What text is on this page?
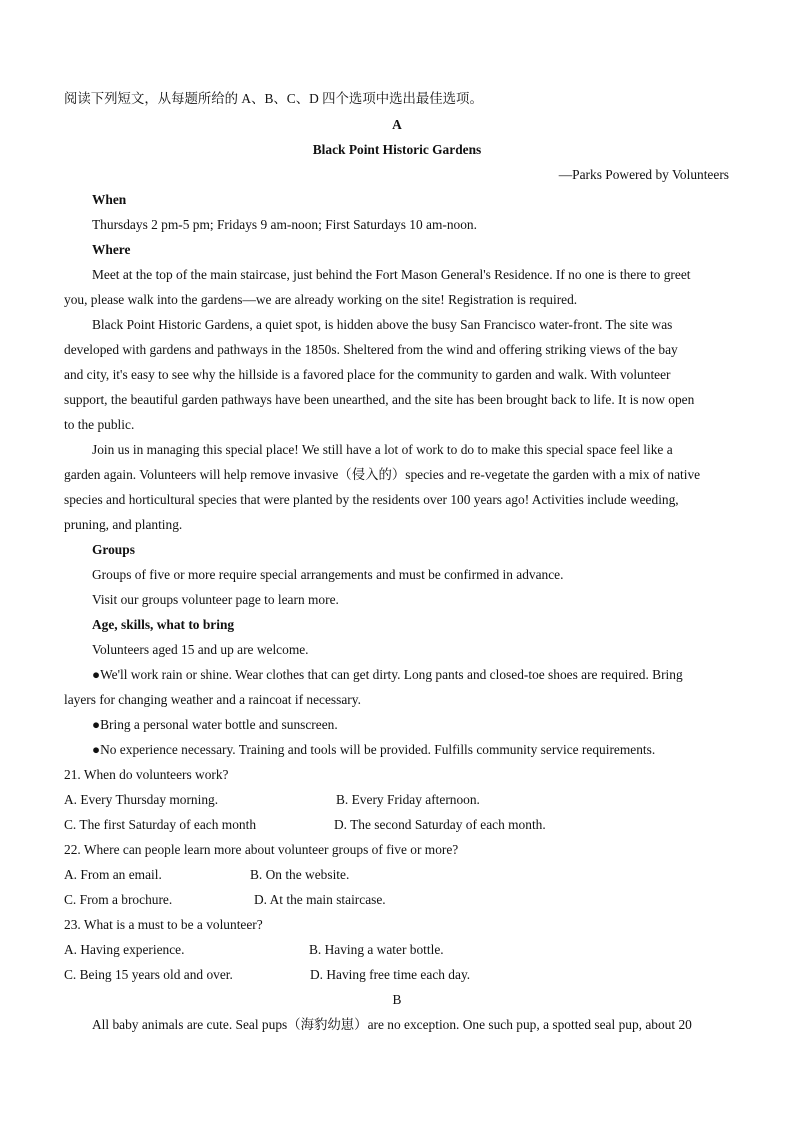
阅读下列短文，从每题所给的 A、B、C、D 四个选项中选出最佳选项。
A
Black Point Historic Gardens
—Parks Powered by Volunteers
When
Thursdays 2 pm-5 pm; Fridays 9 am-noon; First Saturdays 10 am-noon.
Where
Meet at the top of the main staircase, just behind the Fort Mason General's Residence. If no one is there to greet
you, please walk into the gardens—we are already working on the site! Registration is required.
Black Point Historic Gardens, a quiet spot, is hidden above the busy San Francisco water-front. The site was
developed with gardens and pathways in the 1850s. Sheltered from the wind and offering striking views of the bay
and city, it's easy to see why the hillside is a favored place for the community to garden and walk. With volunteer
support, the beautiful garden pathways have been unearthed, and the site has been brought back to life. It is now open
to the public.
Join us in managing this special place! We still have a lot of work to do to make this special space feel like a
garden again. Volunteers will help remove invasive（侵入的）species and re-vegetate the garden with a mix of native
species and horticultural species that were planted by the residents over 100 years ago! Activities include weeding,
pruning, and planting.
Groups
Groups of five or more require special arrangements and must be confirmed in advance.
Visit our groups volunteer page to learn more.
Age, skills, what to bring
Volunteers aged 15 and up are welcome.
●We'll work rain or shine. Wear clothes that can get dirty. Long pants and closed-toe shoes are required. Bring
layers for changing weather and a raincoat if necessary.
●Bring a personal water bottle and sunscreen.
●No experience necessary. Training and tools will be provided. Fulfills community service requirements.
21. When do volunteers work?
A. Every Thursday morning.	B. Every Friday afternoon.
C. The first Saturday of each month	D. The second Saturday of each month.
22. Where can people learn more about volunteer groups of five or more?
A. From an email.	B. On the website.
C. From a brochure.	D. At the main staircase.
23. What is a must to be a volunteer?
A. Having experience.	B. Having a water bottle.
C. Being 15 years old and over.	D. Having free time each day.
B
All baby animals are cute. Seal pups（海豹幼崽）are no exception. One such pup, a spotted seal pup, about 20
